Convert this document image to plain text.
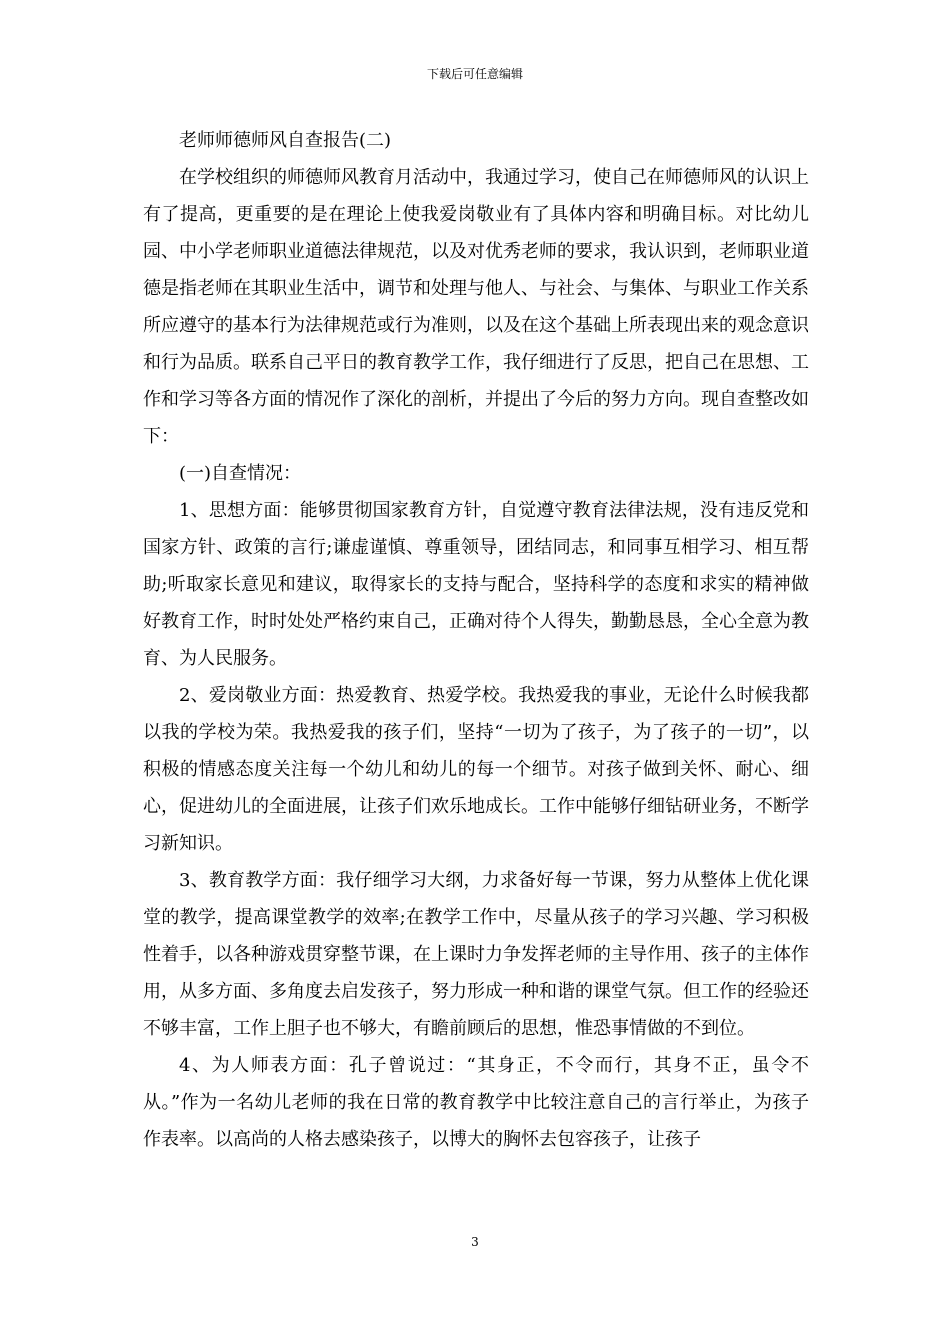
下载后可任意编辑

老师师德师风自查报告(二)

在学校组织的师德师风教育月活动中，我通过学习，使自己在师德师风的认识上有了提高，更重要的是在理论上使我爱岗敬业有了具体内容和明确目标。对比幼儿园、中小学老师职业道德法律规范，以及对优秀老师的要求，我认识到，老师职业道德是指老师在其职业生活中，调节和处理与他人、与社会、与集体、与职业工作关系所应遵守的基本行为法律规范或行为准则，以及在这个基础上所表现出来的观念意识和行为品质。联系自己平日的教育教学工作，我仔细进行了反思，把自己在思想、工作和学习等各方面的情况作了深化的剖析，并提出了今后的努力方向。现自查整改如下：

(一)自查情况：

1、思想方面：能够贯彻国家教育方针，自觉遵守教育法律法规，没有违反党和国家方针、政策的言行;谦虚谨慎、尊重领导，团结同志，和同事互相学习、相互帮助;听取家长意见和建议，取得家长的支持与配合，坚持科学的态度和求实的精神做好教育工作，时时处处严格约束自己，正确对待个人得失，勤勤恳恳，全心全意为教育、为人民服务。

2、爱岗敬业方面：热爱教育、热爱学校。我热爱我的事业，无论什么时候我都以我的学校为荣。我热爱我的孩子们，坚持“一切为了孩子，为了孩子的一切”，以积极的情感态度关注每一个幼儿和幼儿的每一个细节。对孩子做到关怀、耐心、细心，促进幼儿的全面进展，让孩子们欢乐地成长。工作中能够仔细钻研业务，不断学习新知识。

3、教育教学方面：我仔细学习大纲，力求备好每一节课，努力从整体上优化课堂的教学，提高课堂教学的效率;在教学工作中，尽量从孩子的学习兴趣、学习积极性着手，以各种游戏贯穿整节课，在上课时力争发挥老师的主导作用、孩子的主体作用，从多方面、多角度去启发孩子，努力形成一种和谐的课堂气氛。但工作的经验还不够丰富，工作上胆子也不够大，有瞻前顾后的思想，惟恐事情做的不到位。

4、为人师表方面：孔子曾说过：“其身正，不令而行，其身不正，虽令不从。”作为一名幼儿老师的我在日常的教育教学中比较注意自己的言行举止，为孩子作表率。以高尚的人格去感染孩子，以博大的胸怀去包容孩子，让孩子

3
